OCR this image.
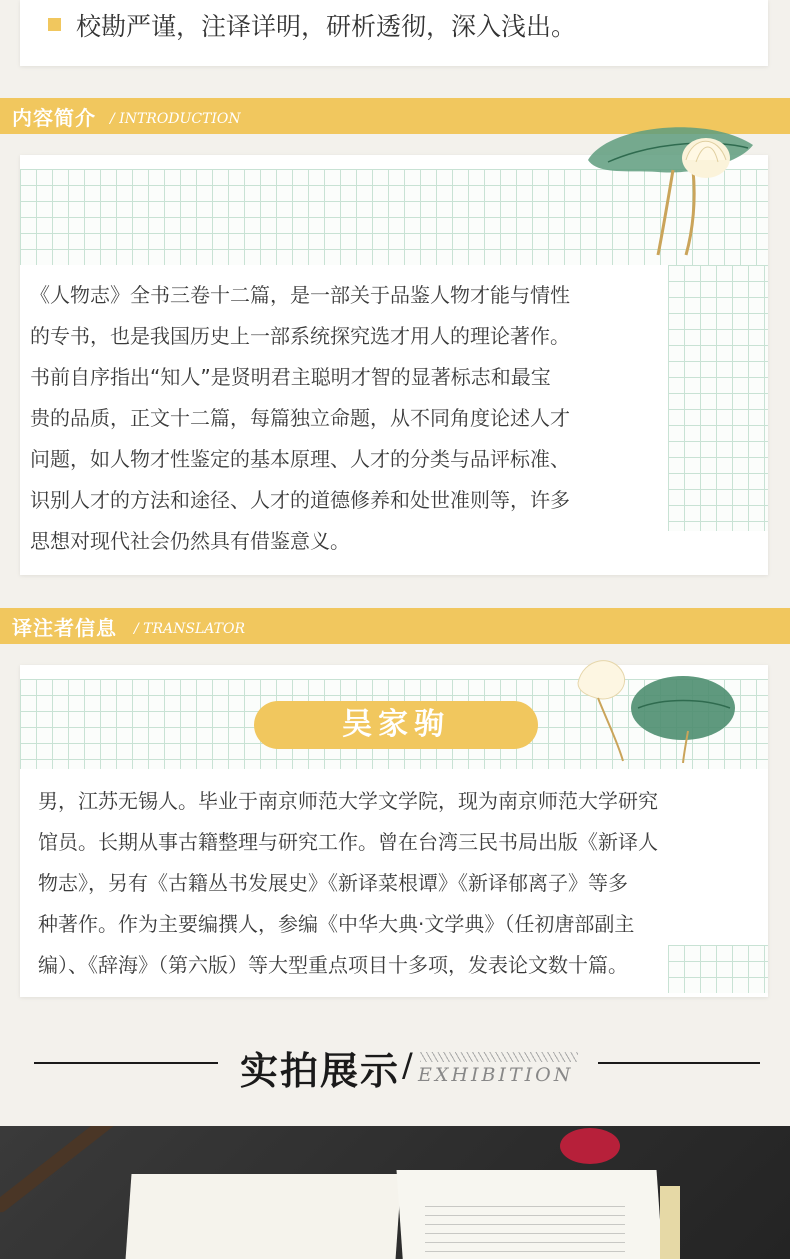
校勘严谨，注译详明，研析透彻，深入浅出。
内容简介 / INTRODUCTION

《人物志》全书三卷十二篇，是一部关于品鉴人物才能与情性

的专书，也是我国历史上一部系统探究选才用人的理论著作。

书前自序指出“知人”是贤明君主聪明才智的显著标志和最宝

贵的品质，正文十二篇，每篇独立命题，从不同角度论述人才

问题，如人物才性鉴定的基本原理、人才的分类与品评标准、

识别人才的方法和途径、人才的道德修养和处世准则等，许多

思想对现代社会仍然具有借鉴意义。

译注者信息 / TRANSLATOR
吴家驹

男，江苏无锡人。毕业于南京师范大学文学院，现为南京师范大学研究

馆员。长期从事古籍整理与研究工作。曾在台湾三民书局出版《新译人

物志》，另有《古籍丛书发展史》《新译菜根谭》《新译郁离子》等多

种著作。作为主要编撰人，参编《中华大典·文学典》（任初唐部副主

编）、《辞海》（第六版）等大型重点项目十多项，发表论文数十篇。

实拍展示 / EXHIBITION
